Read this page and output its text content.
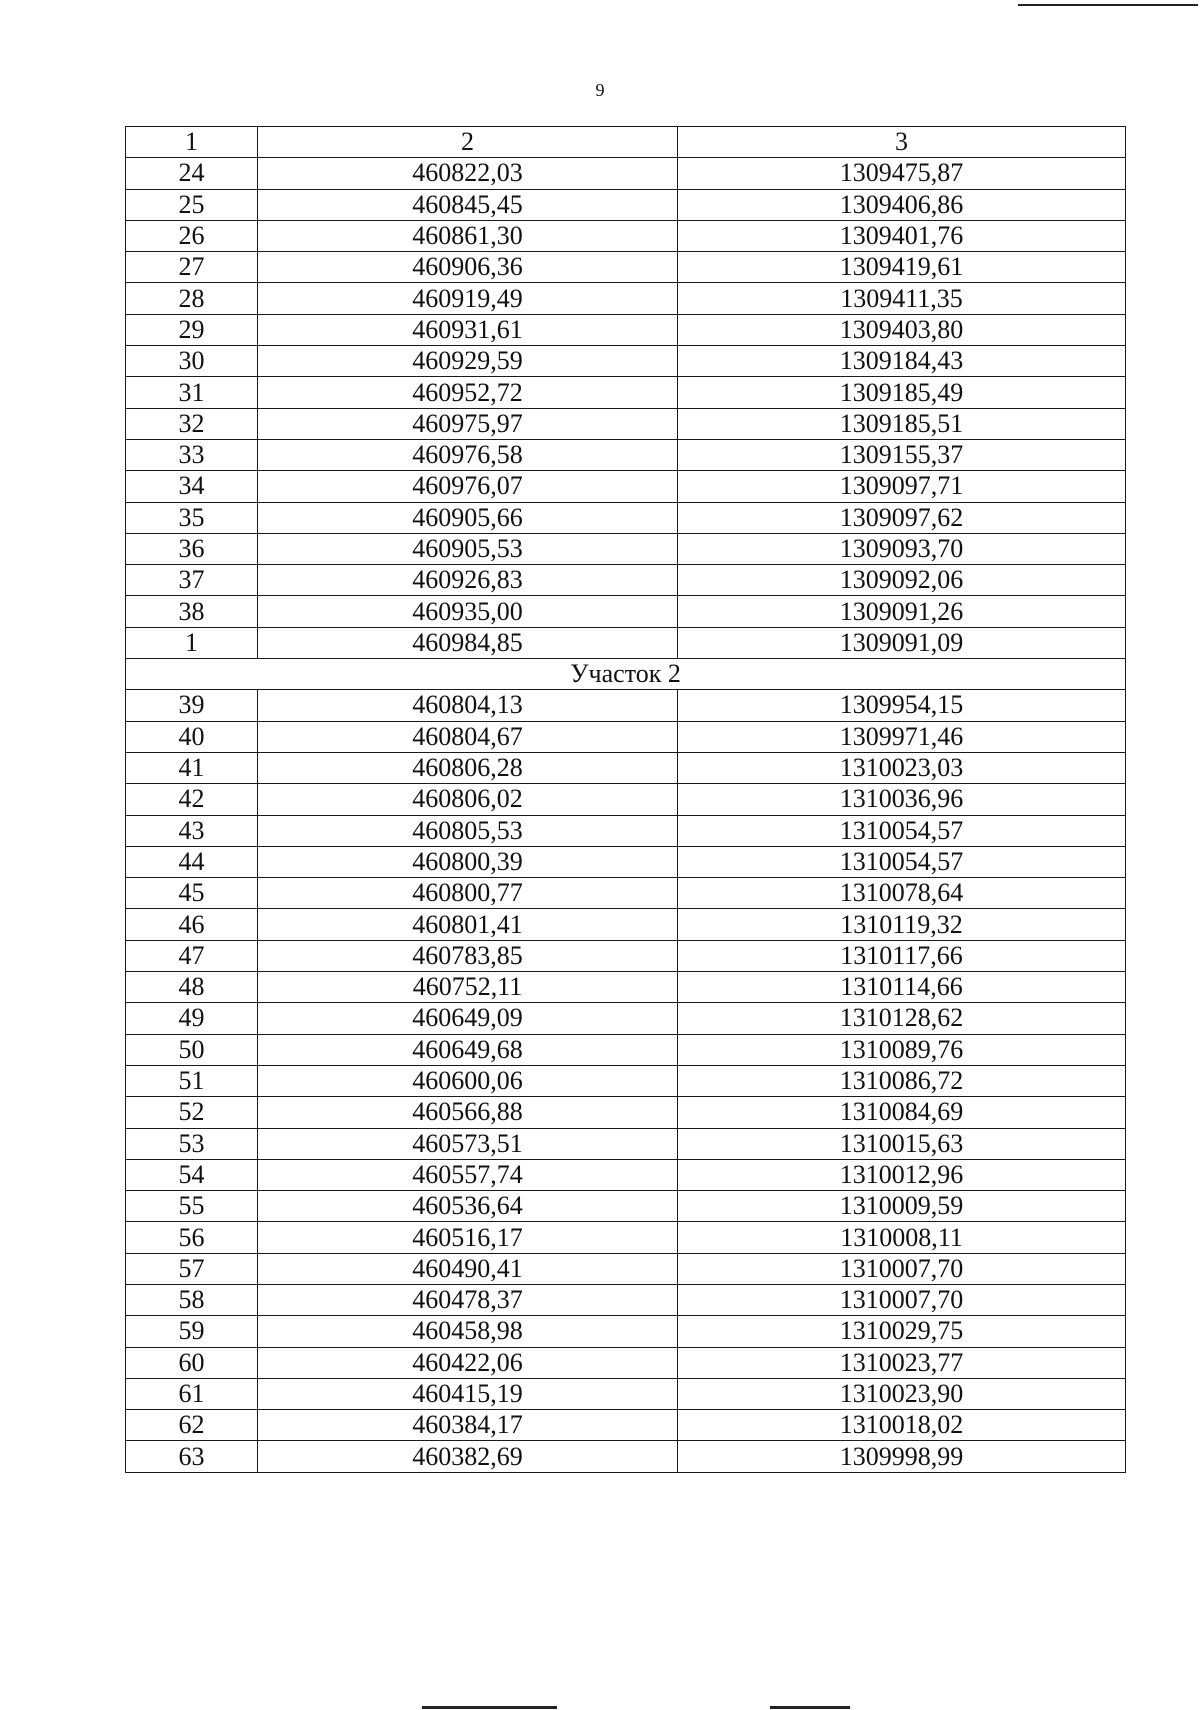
9
1	2	3
24	460822,03	1309475,87
25	460845,45	1309406,86
26	460861,30	1309401,76
27	460906,36	1309419,61
28	460919,49	1309411,35
29	460931,61	1309403,80
30	460929,59	1309184,43
31	460952,72	1309185,49
32	460975,97	1309185,51
33	460976,58	1309155,37
34	460976,07	1309097,71
35	460905,66	1309097,62
36	460905,53	1309093,70
37	460926,83	1309092,06
38	460935,00	1309091,26
1	460984,85	1309091,09
Участок 2		
39	460804,13	1309954,15
40	460804,67	1309971,46
41	460806,28	1310023,03
42	460806,02	1310036,96
43	460805,53	1310054,57
44	460800,39	1310054,57
45	460800,77	1310078,64
46	460801,41	1310119,32
47	460783,85	1310117,66
48	460752,11	1310114,66
49	460649,09	1310128,62
50	460649,68	1310089,76
51	460600,06	1310086,72
52	460566,88	1310084,69
53	460573,51	1310015,63
54	460557,74	1310012,96
55	460536,64	1310009,59
56	460516,17	1310008,11
57	460490,41	1310007,70
58	460478,37	1310007,70
59	460458,98	1310029,75
60	460422,06	1310023,77
61	460415,19	1310023,90
62	460384,17	1310018,02
63	460382,69	1309998,99
